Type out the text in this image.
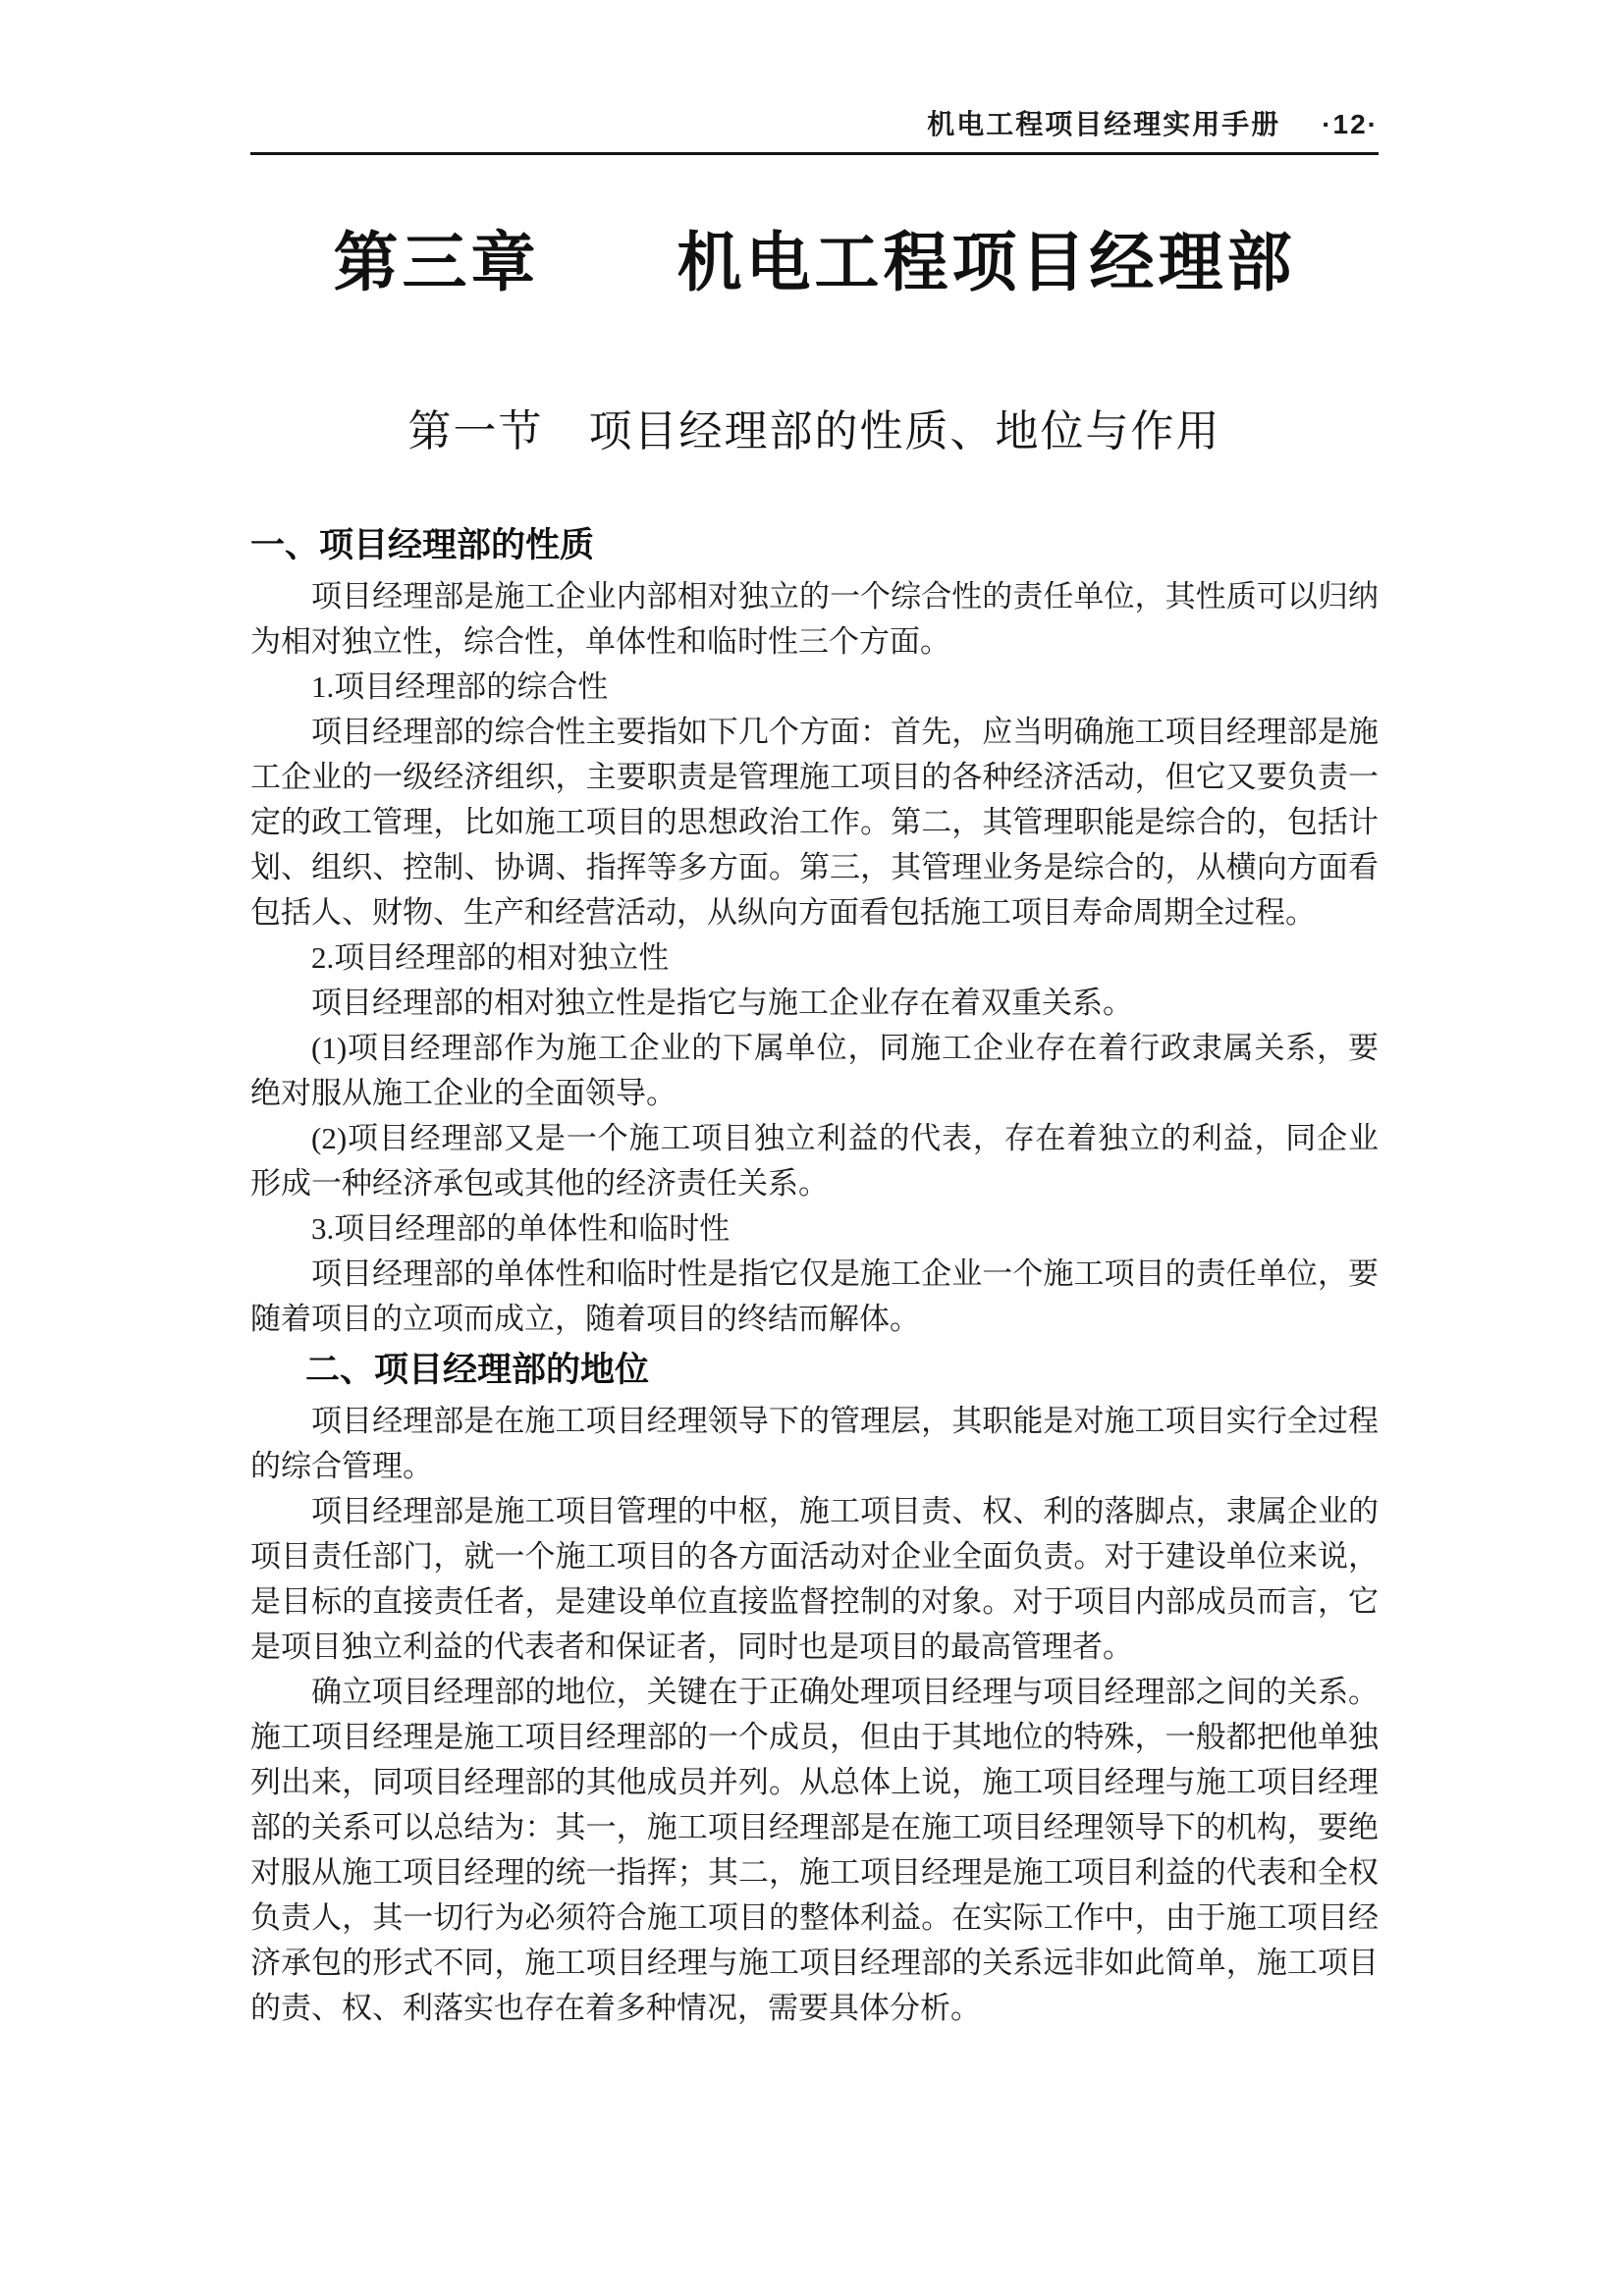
机电工程项目经理实用手册 ·12·
第三章　　机电工程项目经理部
第一节　项目经理部的性质、地位与作用
一、项目经理部的性质

项目经理部是施工企业内部相对独立的一个综合性的责任单位，其性质可以归纳为相对独立性，综合性，单体性和临时性三个方面。

1.项目经理部的综合性

项目经理部的综合性主要指如下几个方面：首先，应当明确施工项目经理部是施工企业的一级经济组织，主要职责是管理施工项目的各种经济活动，但它又要负责一定的政工管理，比如施工项目的思想政治工作。第二，其管理职能是综合的，包括计划、组织、控制、协调、指挥等多方面。第三，其管理业务是综合的，从横向方面看包括人、财物、生产和经营活动，从纵向方面看包括施工项目寿命周期全过程。

2.项目经理部的相对独立性

项目经理部的相对独立性是指它与施工企业存在着双重关系。

(1)项目经理部作为施工企业的下属单位，同施工企业存在着行政隶属关系，要绝对服从施工企业的全面领导。

(2)项目经理部又是一个施工项目独立利益的代表，存在着独立的利益，同企业形成一种经济承包或其他的经济责任关系。

3.项目经理部的单体性和临时性

项目经理部的单体性和临时性是指它仅是施工企业一个施工项目的责任单位，要随着项目的立项而成立，随着项目的终结而解体。

二、项目经理部的地位

项目经理部是在施工项目经理领导下的管理层，其职能是对施工项目实行全过程的综合管理。

项目经理部是施工项目管理的中枢，施工项目责、权、利的落脚点，隶属企业的项目责任部门，就一个施工项目的各方面活动对企业全面负责。对于建设单位来说，是目标的直接责任者，是建设单位直接监督控制的对象。对于项目内部成员而言，它是项目独立利益的代表者和保证者，同时也是项目的最高管理者。

确立项目经理部的地位，关键在于正确处理项目经理与项目经理部之间的关系。施工项目经理是施工项目经理部的一个成员，但由于其地位的特殊，一般都把他单独列出来，同项目经理部的其他成员并列。从总体上说，施工项目经理与施工项目经理部的关系可以总结为：其一，施工项目经理部是在施工项目经理领导下的机构，要绝对服从施工项目经理的统一指挥；其二，施工项目经理是施工项目利益的代表和全权负责人，其一切行为必须符合施工项目的整体利益。在实际工作中，由于施工项目经济承包的形式不同，施工项目经理与施工项目经理部的关系远非如此简单，施工项目的责、权、利落实也存在着多种情况，需要具体分析。
